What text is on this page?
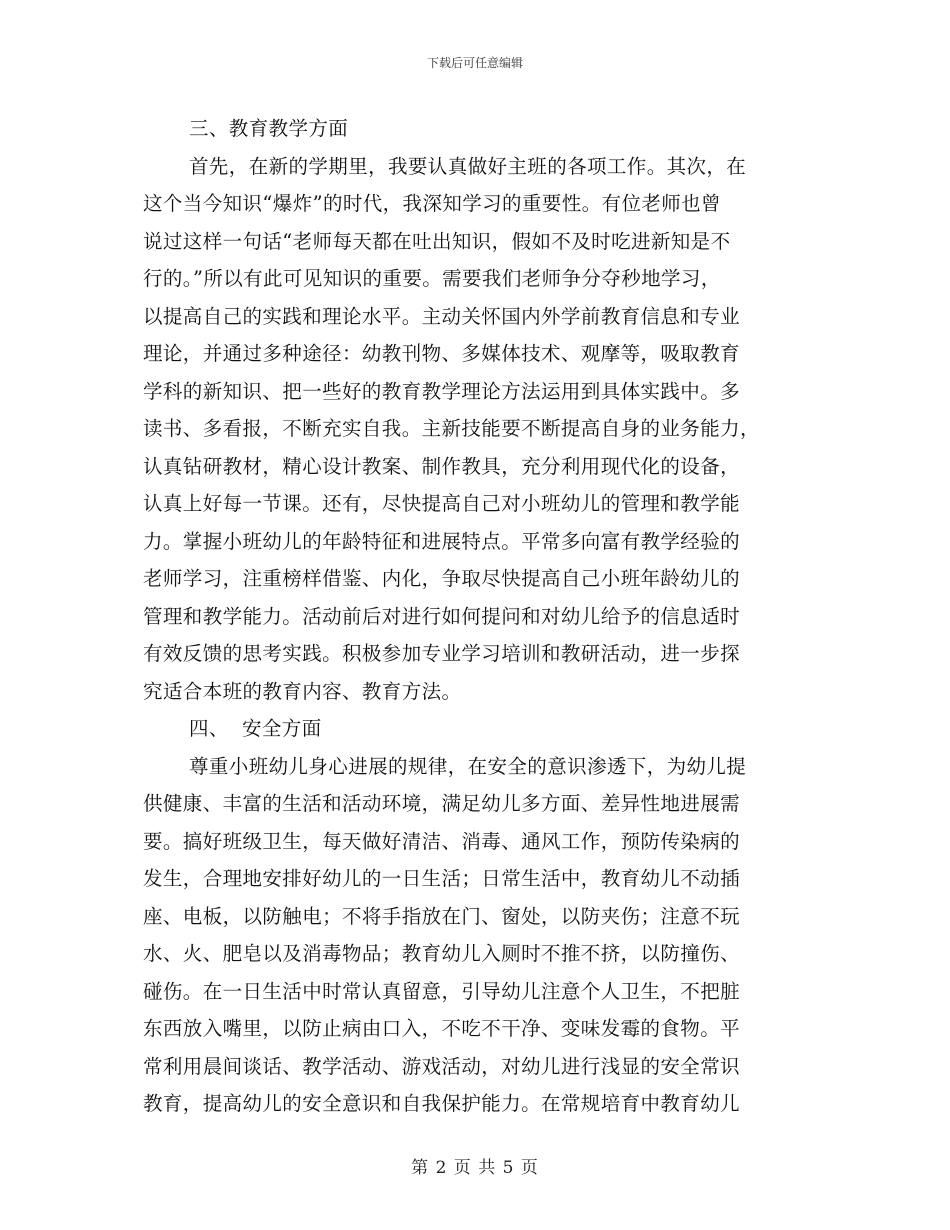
下载后可任意编辑
三、教育教学方面
首先，在新的学期里，我要认真做好主班的各项工作。其次，在
这个当今知识“爆炸”的时代，我深知学习的重要性。有位老师也曾
说过这样一句话“老师每天都在吐出知识，假如不及时吃进新知是不
行的。”所以有此可见知识的重要。需要我们老师争分夺秒地学习，
以提高自己的实践和理论水平。主动关怀国内外学前教育信息和专业
理论，并通过多种途径：幼教刊物、多媒体技术、观摩等，吸取教育
学科的新知识、把一些好的教育教学理论方法运用到具体实践中。多
读书、多看报，不断充实自我。主新技能要不断提高自身的业务能力，
认真钻研教材，精心设计教案、制作教具，充分利用现代化的设备，
认真上好每一节课。还有，尽快提高自己对小班幼儿的管理和教学能
力。掌握小班幼儿的年龄特征和进展特点。平常多向富有教学经验的
老师学习，注重榜样借鉴、内化，争取尽快提高自己小班年龄幼儿的
管理和教学能力。活动前后对进行如何提问和对幼儿给予的信息适时
有效反馈的思考实践。积极参加专业学习培训和教研活动，进一步探
究适合本班的教育内容、教育方法。
四、  安全方面
尊重小班幼儿身心进展的规律，在安全的意识渗透下，为幼儿提
供健康、丰富的生活和活动环境，满足幼儿多方面、差异性地进展需
要。搞好班级卫生，每天做好清洁、消毒、通风工作，预防传染病的
发生，合理地安排好幼儿的一日生活；日常生活中，教育幼儿不动插
座、电板，以防触电；不将手指放在门、窗处，以防夹伤；注意不玩
水、火、肥皂以及消毒物品；教育幼儿入厕时不推不挤，以防撞伤、
碰伤。在一日生活中时常认真留意，引导幼儿注意个人卫生，不把脏
东西放入嘴里，以防止病由口入，不吃不干净、变味发霉的食物。平
常利用晨间谈话、教学活动、游戏活动，对幼儿进行浅显的安全常识
教育，提高幼儿的安全意识和自我保护能力。在常规培育中教育幼儿
第 2 页 共 5 页
